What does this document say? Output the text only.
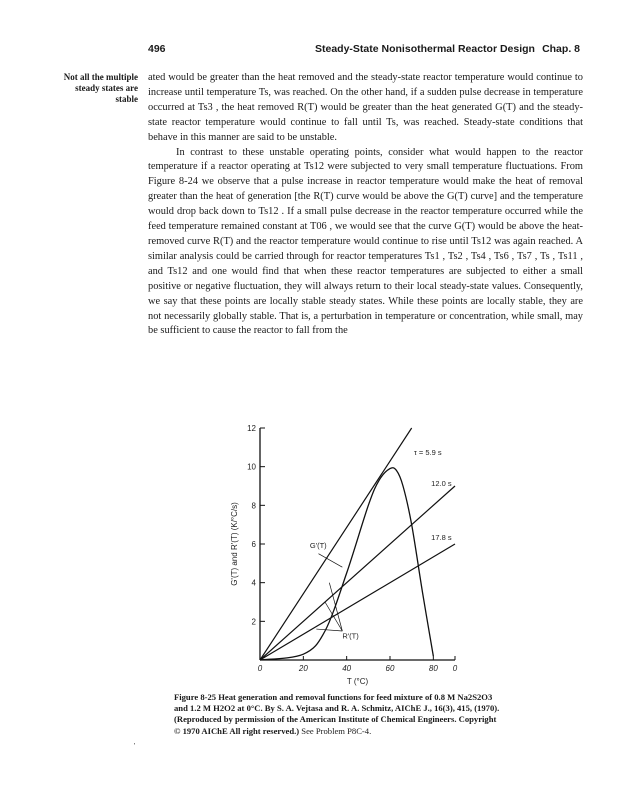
496	Steady-State Nonisothermal Reactor Design Chap. 8
Not all the multiple steady states are stable

ated would be greater than the heat removed and the steady-state reactor temperature would continue to increase until temperature Ts, was reached. On the other hand, if a sudden pulse decrease in temperature occurred at Ts3 , the heat removed R(T) would be greater than the heat generated G(T) and the steady-state reactor temperature would continue to fall until Ts, was reached. Steady-state conditions that behave in this manner are said to be unstable.

In contrast to these unstable operating points, consider what would happen to the reactor temperature if a reactor operating at Ts12 were subjected to very small temperature fluctuations. From Figure 8-24 we observe that a pulse increase in reactor temperature would make the heat of removal greater than the heat of generation [the R(T) curve would be above the G(T) curve] and the temperature would drop back down to Ts12 . If a small pulse decrease in the reactor temperature occurred while the feed temperature remained constant at T06 , we would see that the curve G(T) would be above the heat-removed curve R(T) and the reactor temperature would continue to rise until Ts12 was again reached. A similar analysis could be carried through for reactor temperatures Ts1 , Ts2 , Ts4 , Ts6 , Ts7 , Ts , Ts11 , and Ts12 and one would find that when these reactor temperatures are subjected to either a small positive or negative fluctuation, they will always return to their local steady-state values. Consequently, we say that these points are locally stable steady states. While these points are locally stable, they are not necessarily globally stable. That is, a perturbation in temperature or concentration, while small, may be sufficient to cause the reactor to fall from the

2
4
6
8
10
12
0	20	40	60	80 0
T (°C)
G'(T) and R'(T) (K/°C/s)
τ = 5.9 s
12.0 s
17.8 s
G'(T)
R'(T)
Figure 8-25 Heat generation and removal functions for feed mixture of 0.8 M Na2S2O3 and 1.2 M H2O2 at 0°C. By S. A. Vejtasa and R. A. Schmitz, AIChE J., 16(3), 415, (1970). (Reproduced by permission of the American Institute of Chemical Engineers. Copyright © 1970 AIChE All right reserved.) See Problem P8C-4.
'
